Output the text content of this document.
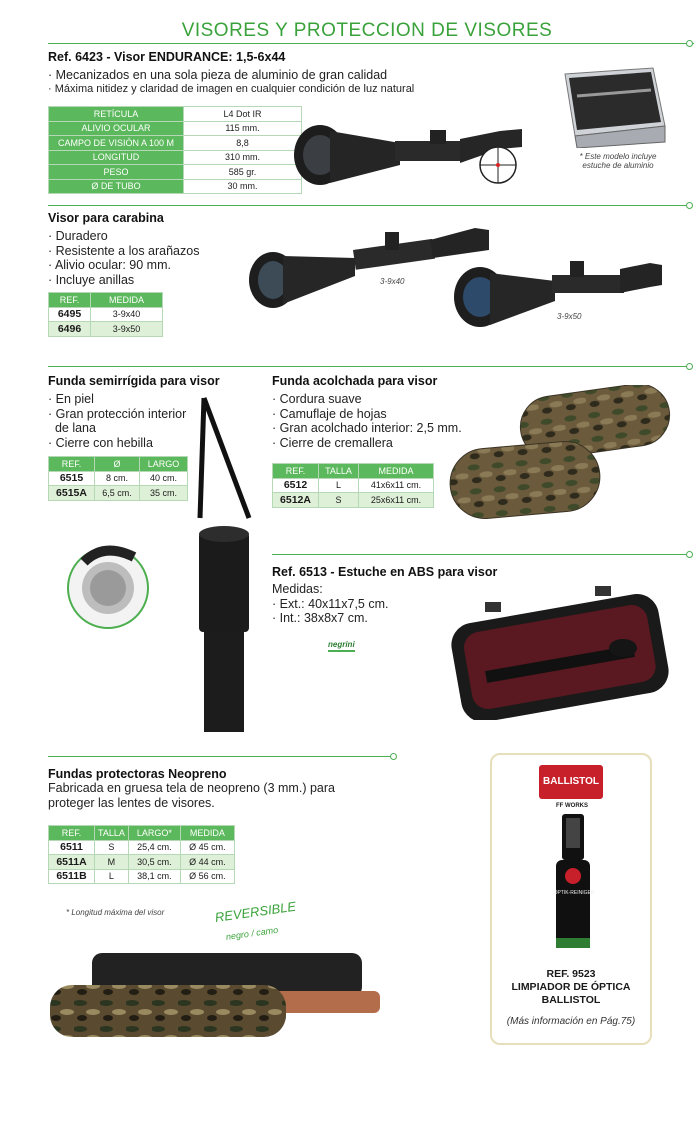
VISORES Y PROTECCION DE VISORES
Ref. 6423 - Visor ENDURANCE: 1,5-6x44
· Mecanizados en una sola pieza de aluminio de gran calidad
· Máxima nitidez y claridad de imagen en cualquier condición de luz natural
RETÍCULA	L4 Dot IR
ALIVIO OCULAR	115 mm.
CAMPO DE VISIÓN A 100 M	8,8
LONGITUD	310 mm.
PESO	585 gr.
Ø DE TUBO	30 mm.
* Este modelo incluye estuche de aluminio
Visor para carabina
· Duradero
· Resistente a los arañazos
· Alivio ocular: 90 mm.
· Incluye anillas
REF.	MEDIDA
6495	3-9x40
6496	3-9x50
3-9x40
3-9x50
Funda semirrígida para visor
· En piel
· Gran protección interior
de lana
· Cierre con hebilla
REF.	Ø	LARGO
6515	8 cm.	40 cm.
6515A	6,5 cm.	35 cm.
Funda acolchada para visor
· Cordura suave
· Camuflaje de hojas
· Gran acolchado interior: 2,5 mm.
· Cierre de cremallera
REF.	TALLA	MEDIDA
6512	L	41x6x11 cm.
6512A	S	25x6x11 cm.
Ref. 6513 - Estuche en ABS para visor
Medidas:
· Ext.: 40x11x7,5 cm.
· Int.: 38x8x7 cm.
negrini
Fundas protectoras Neopreno
Fabricada en gruesa tela de neopreno (3 mm.) para
proteger las lentes de visores.
REF.	TALLA	LARGO*	MEDIDA
6511	S	25,4 cm.	Ø 45 cm.
6511A	M	30,5 cm.	Ø 44 cm.
6511B	L	38,1 cm.	Ø 56 cm.
* Longitud máxima del visor	REVERSIBLE
negro / camo
BALLISTOL
FF WORKS
OPTIK-REINIGER
REF. 9523
LIMPIADOR DE ÓPTICA
BALLISTOL
(Más información en Pág.75)
